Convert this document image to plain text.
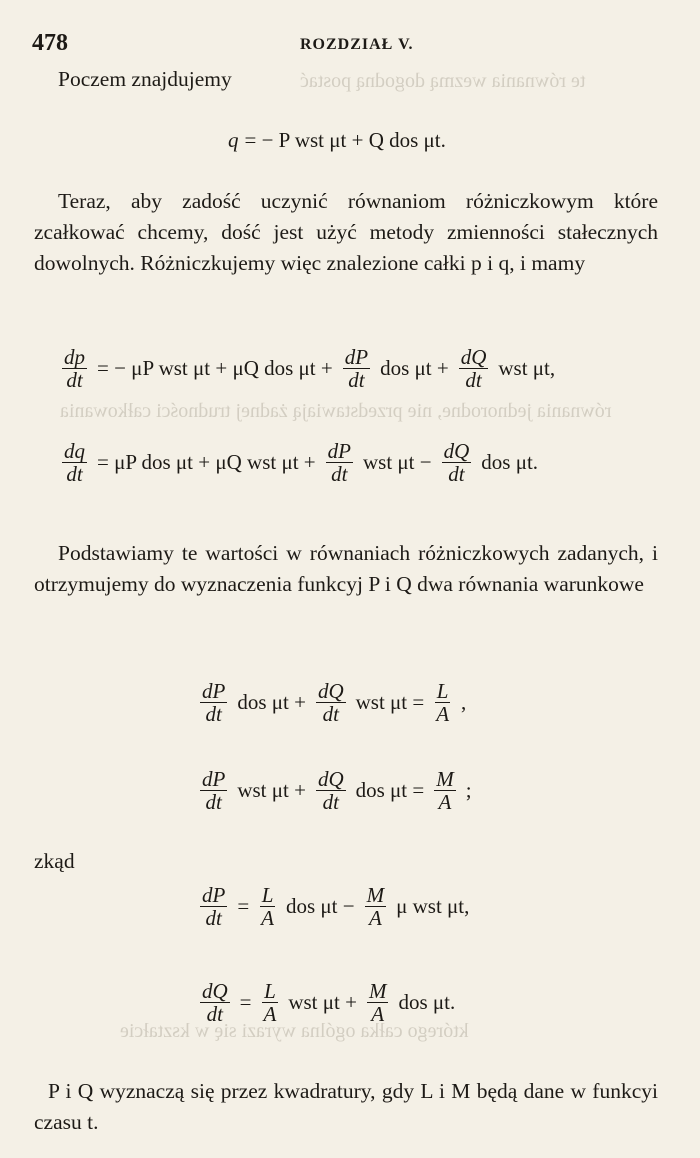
te równania wezmą dogodną postać
równania jednorodne, nie przedstawiają żadnej trudności całkowania
którego całka ogólna wyrazi się w kształcie
478	ROZDZIAŁ V.
Poczem znajdujemy
q = − P wst μt + Q dos μt.
Teraz, aby zadość uczynić równaniom różniczkowym które zcałkować chcemy, dość jest użyć metody zmienności stałecznych dowolnych. Różniczkujemy więc znalezione całki p i q, i mamy
$\frac{dp}{dt}$ = − μP wst μt + μQ dos $\mu t + \frac{dP}{dt}$ dos $\mu t + \frac{dQ}{dt}$ wst μt,
$\frac{dq}{dt} = \mu P$ dos μt + μQ wst $\mu t + \frac{dP}{dt}$ wst $\mu t - \frac{dQ}{dt}$ dos μt.
Podstawiamy te wartości w równaniach różniczkowych zadanych, i otrzymujemy do wyznaczenia funkcyj P i Q dwa równania warunkowe
$\frac{dP}{dt}$ dos $\mu t + \frac{dQ}{dt}$ wst $\mu t = \frac{L}{A}$ ,
$\frac{dP}{dt}$ wst $\mu t + \frac{dQ}{dt}$ dos $\mu t = \frac{M}{A}$ ;
zkąd
$\frac{dP}{dt} = \frac{L}{A}$ dos $\mu t - \frac{M}{A}$ μ wst μt,
$\frac{dQ}{dt} = \frac{L}{A}$ wst $\mu t + \frac{M}{A}$ dos μt.
P i Q wyznaczą się przez kwadratury, gdy L i M będą dane w funkcyi czasu t.
